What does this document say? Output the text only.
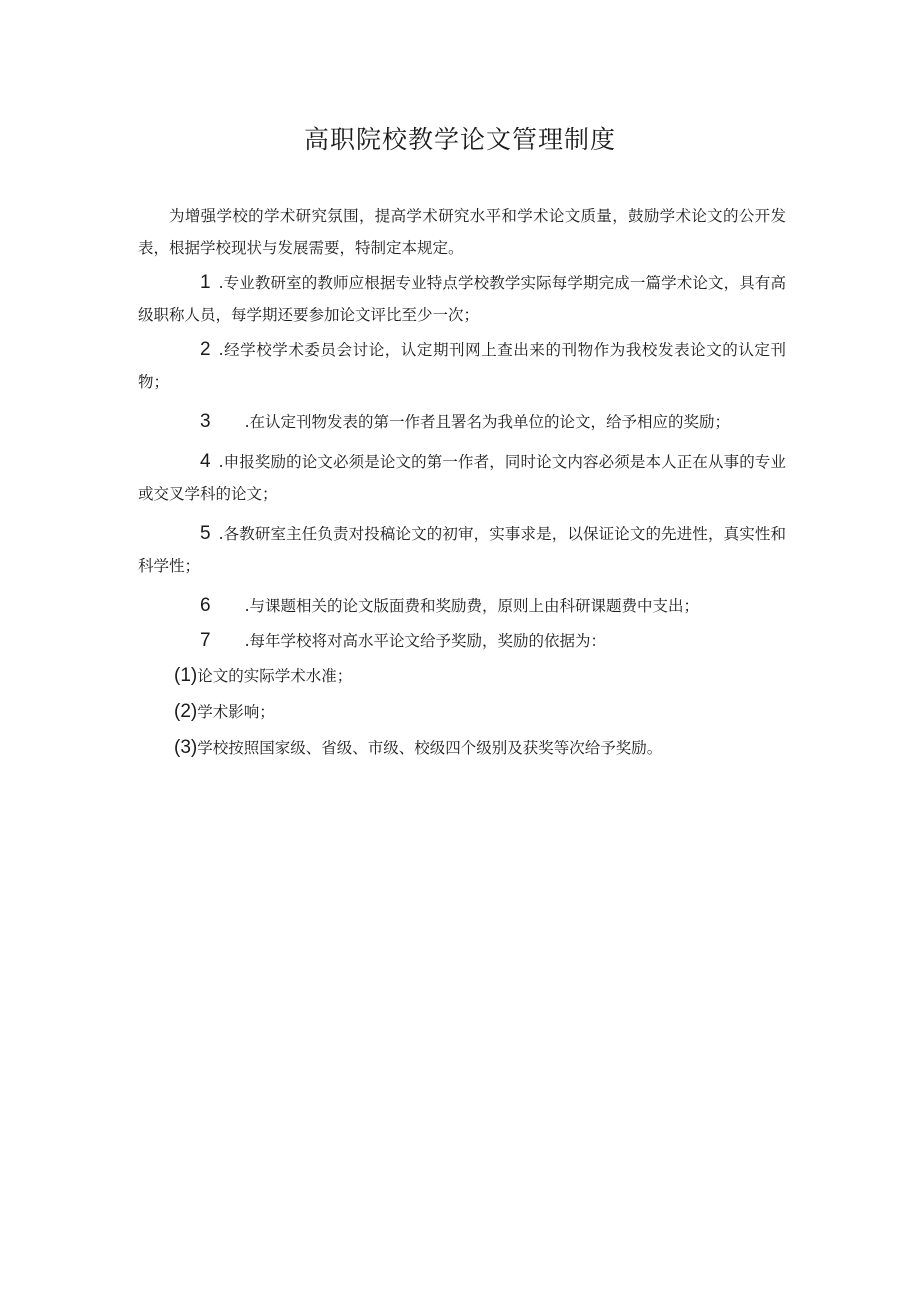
高职院校教学论文管理制度

为增强学校的学术研究氛围，提高学术研究水平和学术论文质量，鼓励学术论文的公开发表，根据学校现状与发展需要，特制定本规定。

1 .专业教研室的教师应根据专业特点学校教学实际每学期完成一篇学术论文，具有高级职称人员，每学期还要参加论文评比至少一次；

2 .经学校学术委员会讨论，认定期刊网上查出来的刊物作为我校发表论文的认定刊物；

3 .在认定刊物发表的第一作者且署名为我单位的论文，给予相应的奖励；

4 .申报奖励的论文必须是论文的第一作者，同时论文内容必须是本人正在从事的专业或交叉学科的论文；

5 .各教研室主任负责对投稿论文的初审，实事求是，以保证论文的先进性，真实性和科学性；

6 .与课题相关的论文版面费和奖励费，原则上由科研课题费中支出；

7 .每年学校将对高水平论文给予奖励，奖励的依据为：

(1)论文的实际学术水准；

(2)学术影响；

(3)学校按照国家级、省级、市级、校级四个级别及获奖等次给予奖励。
